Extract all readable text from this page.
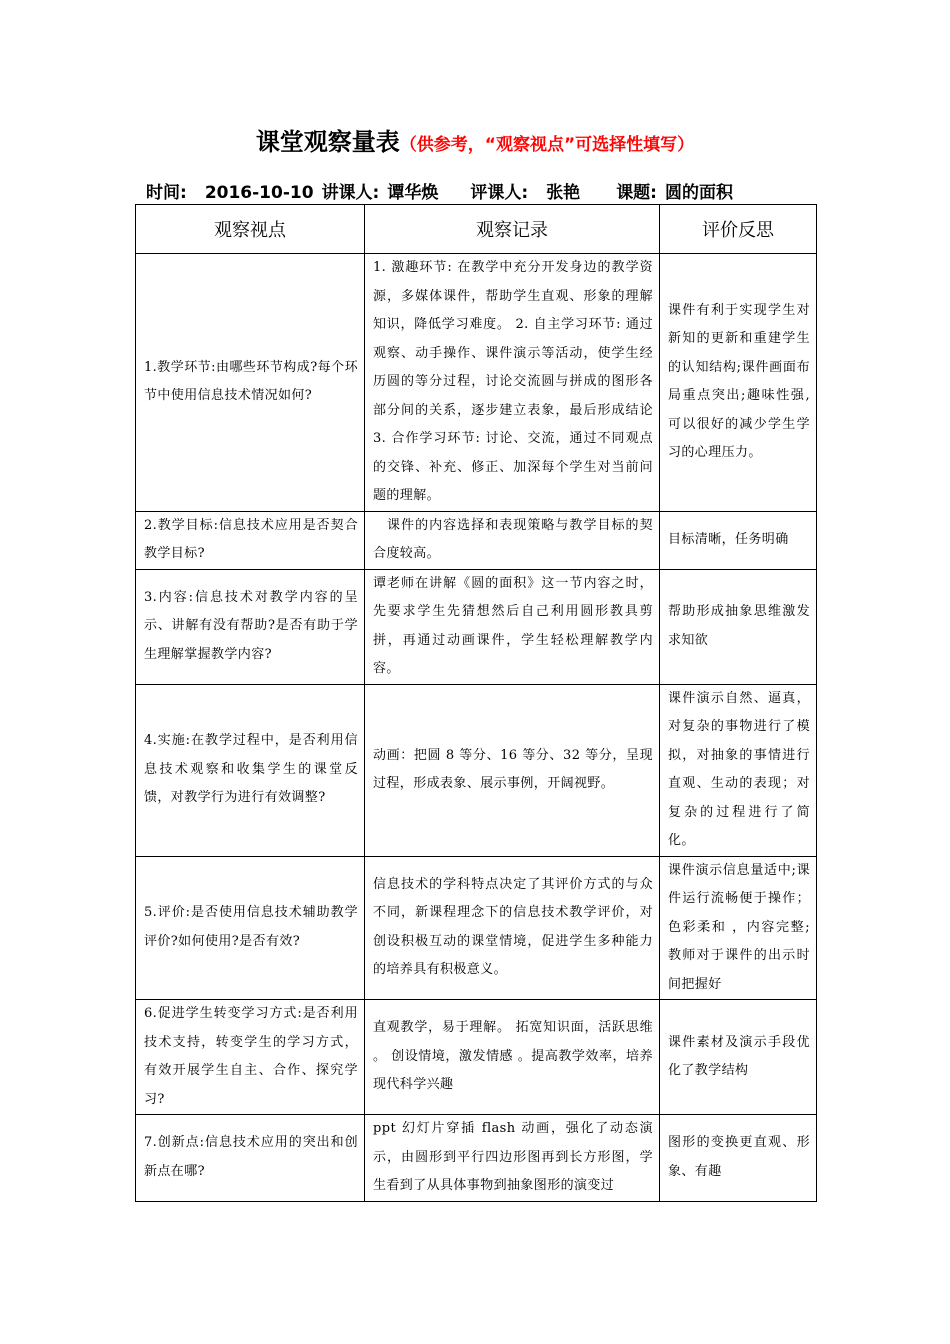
课堂观察量表（供参考，“观察视点”可选择性填写）
时间: 2016-10-10 讲课人: 谭华焕 评课人: 张艳 课题: 圆的面积
观察视点	观察记录	评价反思

1.教学环节:由哪些环节构成?每个环节中使用信息技术情况如何?	1. 激趣环节: 在教学中充分开发身边的教学资源，多媒体课件，帮助学生直观、形象的理解知识，降低学习难度。 2. 自主学习环节: 通过观察、动手操作、课件演示等活动，使学生经历圆的等分过程，讨论交流圆与拼成的图形各部分间的关系，逐步建立表象，最后形成结论 3. 合作学习环节: 讨论、交流，通过不同观点的交锋、补充、修正、加深每个学生对当前问题的理解。	课件有利于实现学生对新知的更新和重建学生的认知结构;课件画面布局重点突出;趣味性强,可以很好的减少学生学习的心理压力。

2.教学目标:信息技术应用是否契合教学目标?	课件的内容选择和表现策略与教学目标的契合度较高。	目标清晰，任务明确

3.内容:信息技术对教学内容的呈示、讲解有没有帮助?是否有助于学生理解掌握教学内容?	谭老师在讲解《圆的面积》这一节内容之时，先要求学生先猜想然后自己利用圆形教具剪拼，再通过动画课件，学生轻松理解教学内容。	帮助形成抽象思维激发求知欲

4.实施:在教学过程中，是否利用信息技术观察和收集学生的课堂反馈，对教学行为进行有效调整?	动画：把圆 8 等分、16 等分、32 等分，呈现过程，形成表象、展示事例，开阔视野。	课件演示自然、逼真，对复杂的事物进行了模拟，对抽象的事情进行直观、生动的表现；对复杂的过程进行了简化。

5.评价:是否使用信息技术辅助教学评价?如何使用?是否有效?	信息技术的学科特点决定了其评价方式的与众不同，新课程理念下的信息技术教学评价，对创设积极互动的课堂情境，促进学生多种能力的培养具有积极意义。	课件演示信息量适中;课件运行流畅便于操作；色彩柔和 ，内容完整;教师对于课件的出示时间把握好

6.促进学生转变学习方式:是否利用技术支持，转变学生的学习方式，有效开展学生自主、合作、探究学习?	直观教学，易于理解。 拓宽知识面，活跃思维 。 创设情境，激发情感 。提高教学效率，培养现代科学兴趣	课件素材及演示手段优化了教学结构

7.创新点:信息技术应用的突出和创新点在哪?	ppt 幻灯片穿插 flash 动画，强化了动态演示，由圆形到平行四边形图再到长方形图，学生看到了从具体事物到抽象图形的演变过	图形的变换更直观、形象、有趣
